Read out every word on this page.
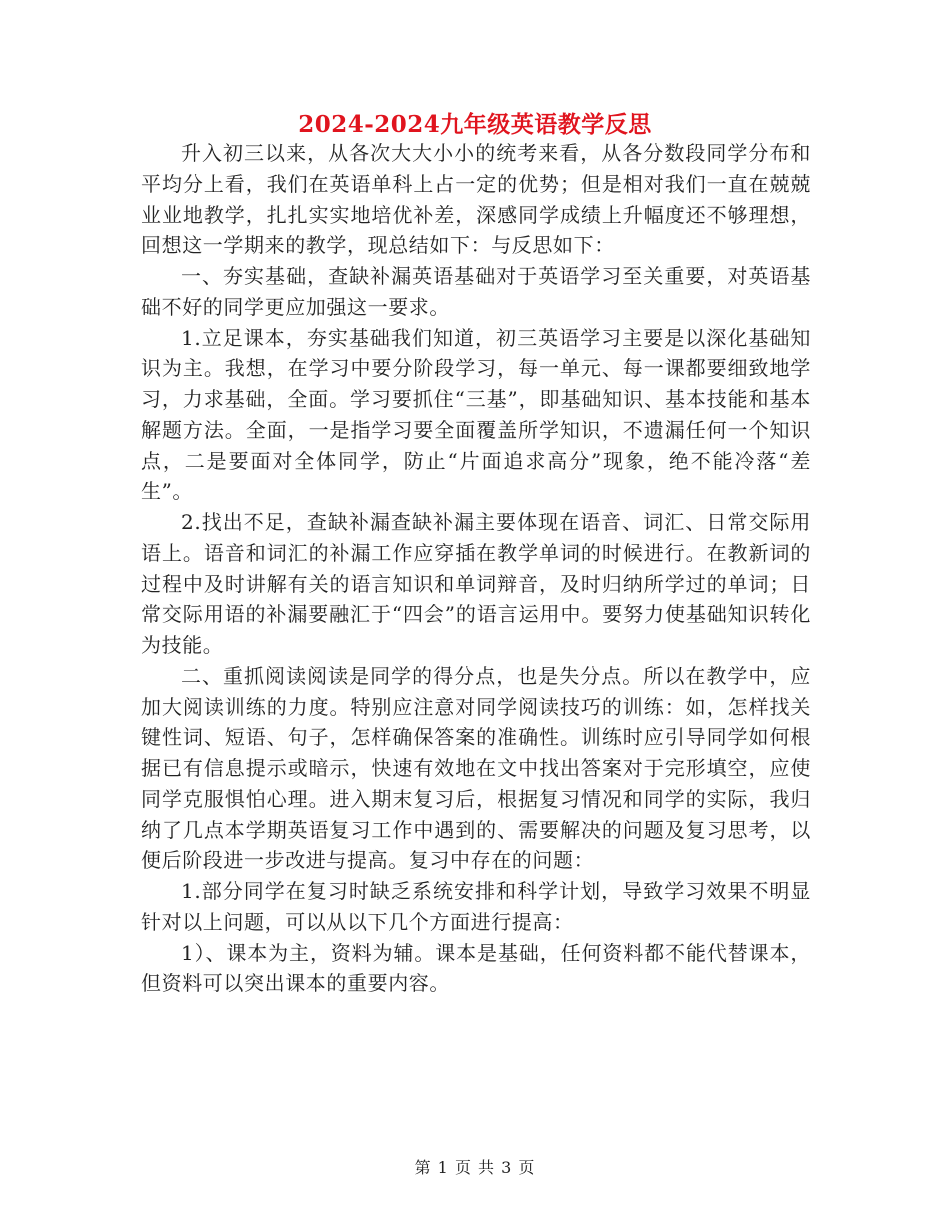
2024-2024九年级英语教学反思

升入初三以来，从各次大大小小的统考来看，从各分数段同学分布和平均分上看，我们在英语单科上占一定的优势；但是相对我们一直在兢兢业业地教学，扎扎实实地培优补差，深感同学成绩上升幅度还不够理想，回想这一学期来的教学，现总结如下：与反思如下：

一、夯实基础，查缺补漏英语基础对于英语学习至关重要，对英语基础不好的同学更应加强这一要求。

1.立足课本，夯实基础我们知道，初三英语学习主要是以深化基础知识为主。我想，在学习中要分阶段学习，每一单元、每一课都要细致地学习，力求基础，全面。学习要抓住“三基”，即基础知识、基本技能和基本解题方法。全面，一是指学习要全面覆盖所学知识，不遗漏任何一个知识点，二是要面对全体同学，防止“片面追求高分”现象，绝不能冷落“差生”。

2.找出不足，查缺补漏查缺补漏主要体现在语音、词汇、日常交际用语上。语音和词汇的补漏工作应穿插在教学单词的时候进行。在教新词的过程中及时讲解有关的语言知识和单词辩音，及时归纳所学过的单词；日常交际用语的补漏要融汇于“四会”的语言运用中。要努力使基础知识转化为技能。

二、重抓阅读阅读是同学的得分点，也是失分点。所以在教学中，应加大阅读训练的力度。特别应注意对同学阅读技巧的训练：如，怎样找关键性词、短语、句子，怎样确保答案的准确性。训练时应引导同学如何根据已有信息提示或暗示，快速有效地在文中找出答案对于完形填空，应使同学克服惧怕心理。进入期末复习后，根据复习情况和同学的实际，我归纳了几点本学期英语复习工作中遇到的、需要解决的问题及复习思考，以便后阶段进一步改进与提高。复习中存在的问题：

1.部分同学在复习时缺乏系统安排和科学计划，导致学习效果不明显针对以上问题，可以从以下几个方面进行提高：

1）、课本为主，资料为辅。课本是基础，任何资料都不能代替课本，但资料可以突出课本的重要内容。

第 1 页 共 3 页
